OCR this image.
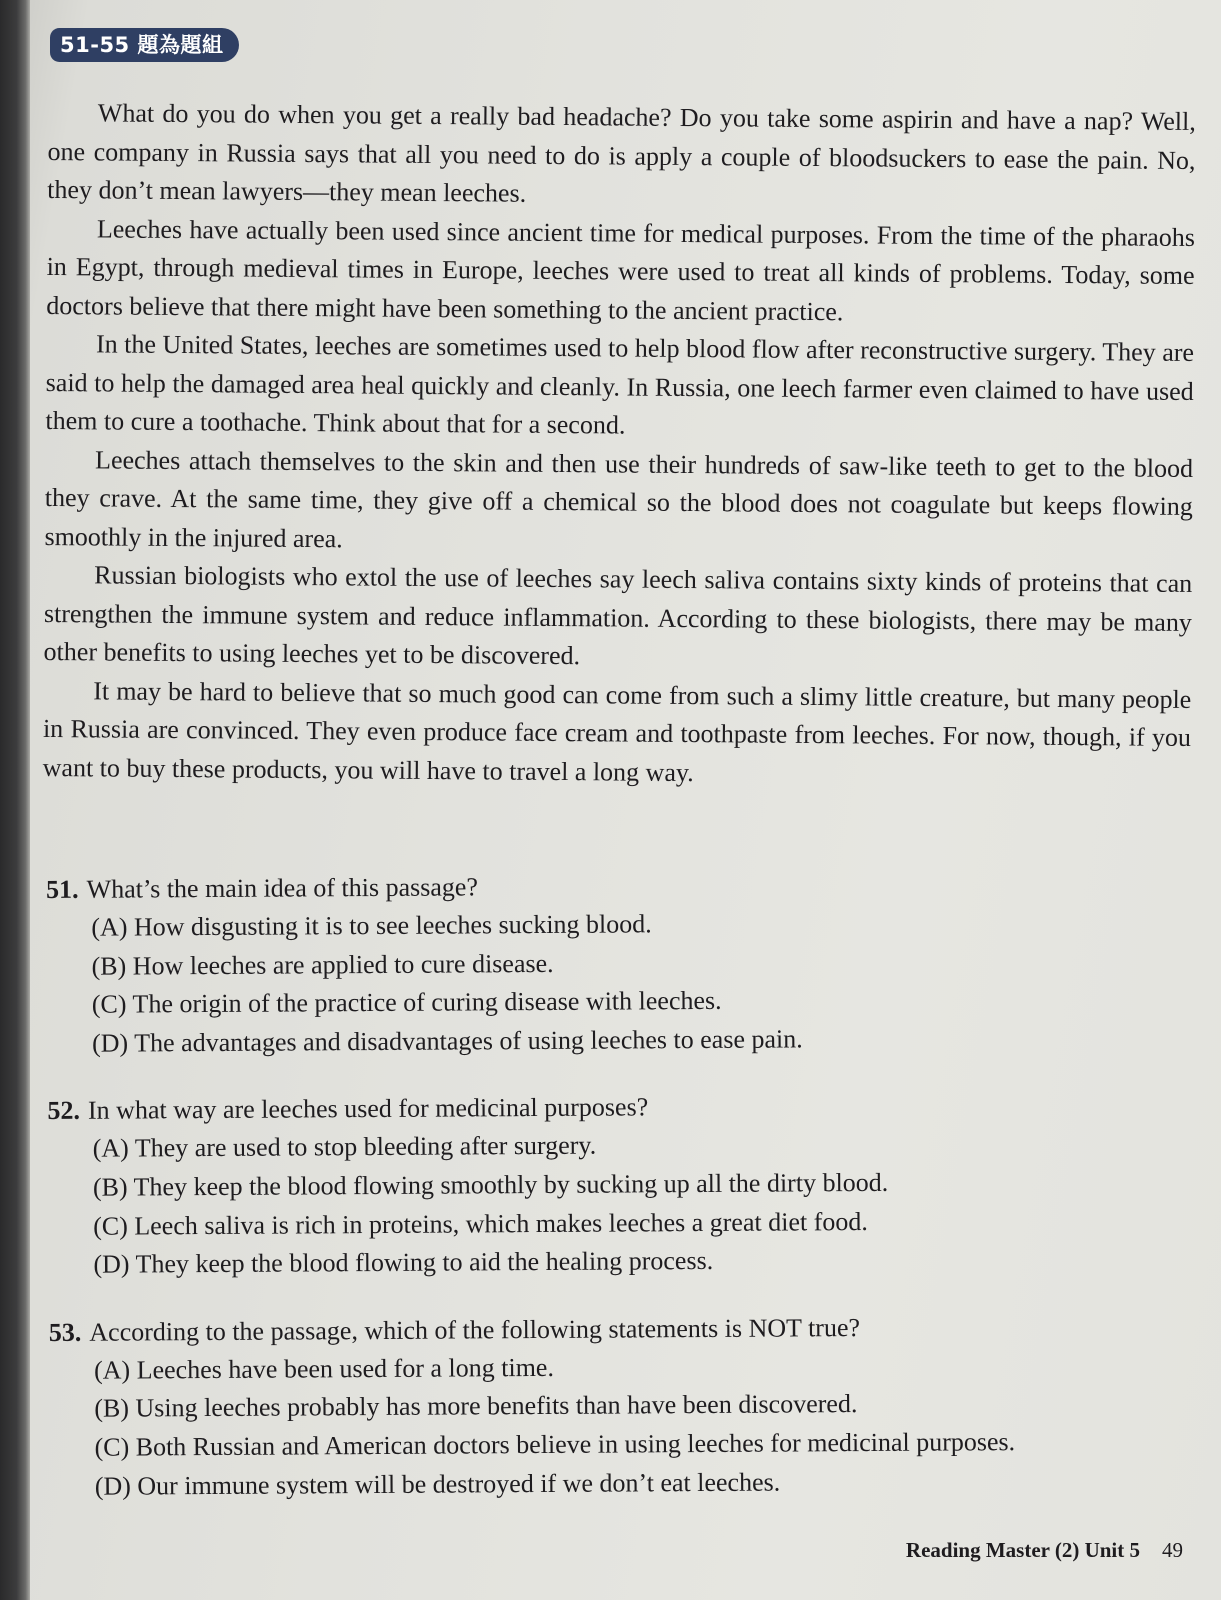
51-55 題為題組

What do you do when you get a really bad headache? Do you take some aspirin and have a nap? Well, one company in Russia says that all you need to do is apply a couple of bloodsuckers to ease the pain. No, they don’t mean lawyers—they mean leeches.

Leeches have actually been used since ancient time for medical purposes. From the time of the pharaohs in Egypt, through medieval times in Europe, leeches were used to treat all kinds of problems. Today, some doctors believe that there might have been something to the ancient practice.

In the United States, leeches are sometimes used to help blood flow after reconstructive surgery. They are said to help the damaged area heal quickly and cleanly. In Russia, one leech farmer even claimed to have used them to cure a toothache. Think about that for a second.

Leeches attach themselves to the skin and then use their hundreds of saw-like teeth to get to the blood they crave. At the same time, they give off a chemical so the blood does not coagulate but keeps flowing smoothly in the injured area.

Russian biologists who extol the use of leeches say leech saliva contains sixty kinds of proteins that can strengthen the immune system and reduce inflammation. According to these biologists, there may be many other benefits to using leeches yet to be discovered.

It may be hard to believe that so much good can come from such a slimy little creature, but many people in Russia are convinced. They even produce face cream and toothpaste from leeches. For now, though, if you want to buy these products, you will have to travel a long way.

51. What’s the main idea of this passage?
(A) How disgusting it is to see leeches sucking blood.
(B) How leeches are applied to cure disease.
(C) The origin of the practice of curing disease with leeches.
(D) The advantages and disadvantages of using leeches to ease pain.
52. In what way are leeches used for medicinal purposes?
(A) They are used to stop bleeding after surgery.
(B) They keep the blood flowing smoothly by sucking up all the dirty blood.
(C) Leech saliva is rich in proteins, which makes leeches a great diet food.
(D) They keep the blood flowing to aid the healing process.
53. According to the passage, which of the following statements is NOT true?
(A) Leeches have been used for a long time.
(B) Using leeches probably has more benefits than have been discovered.
(C) Both Russian and American doctors believe in using leeches for medicinal purposes.
(D) Our immune system will be destroyed if we don’t eat leeches.
Reading Master (2) Unit 5 49
